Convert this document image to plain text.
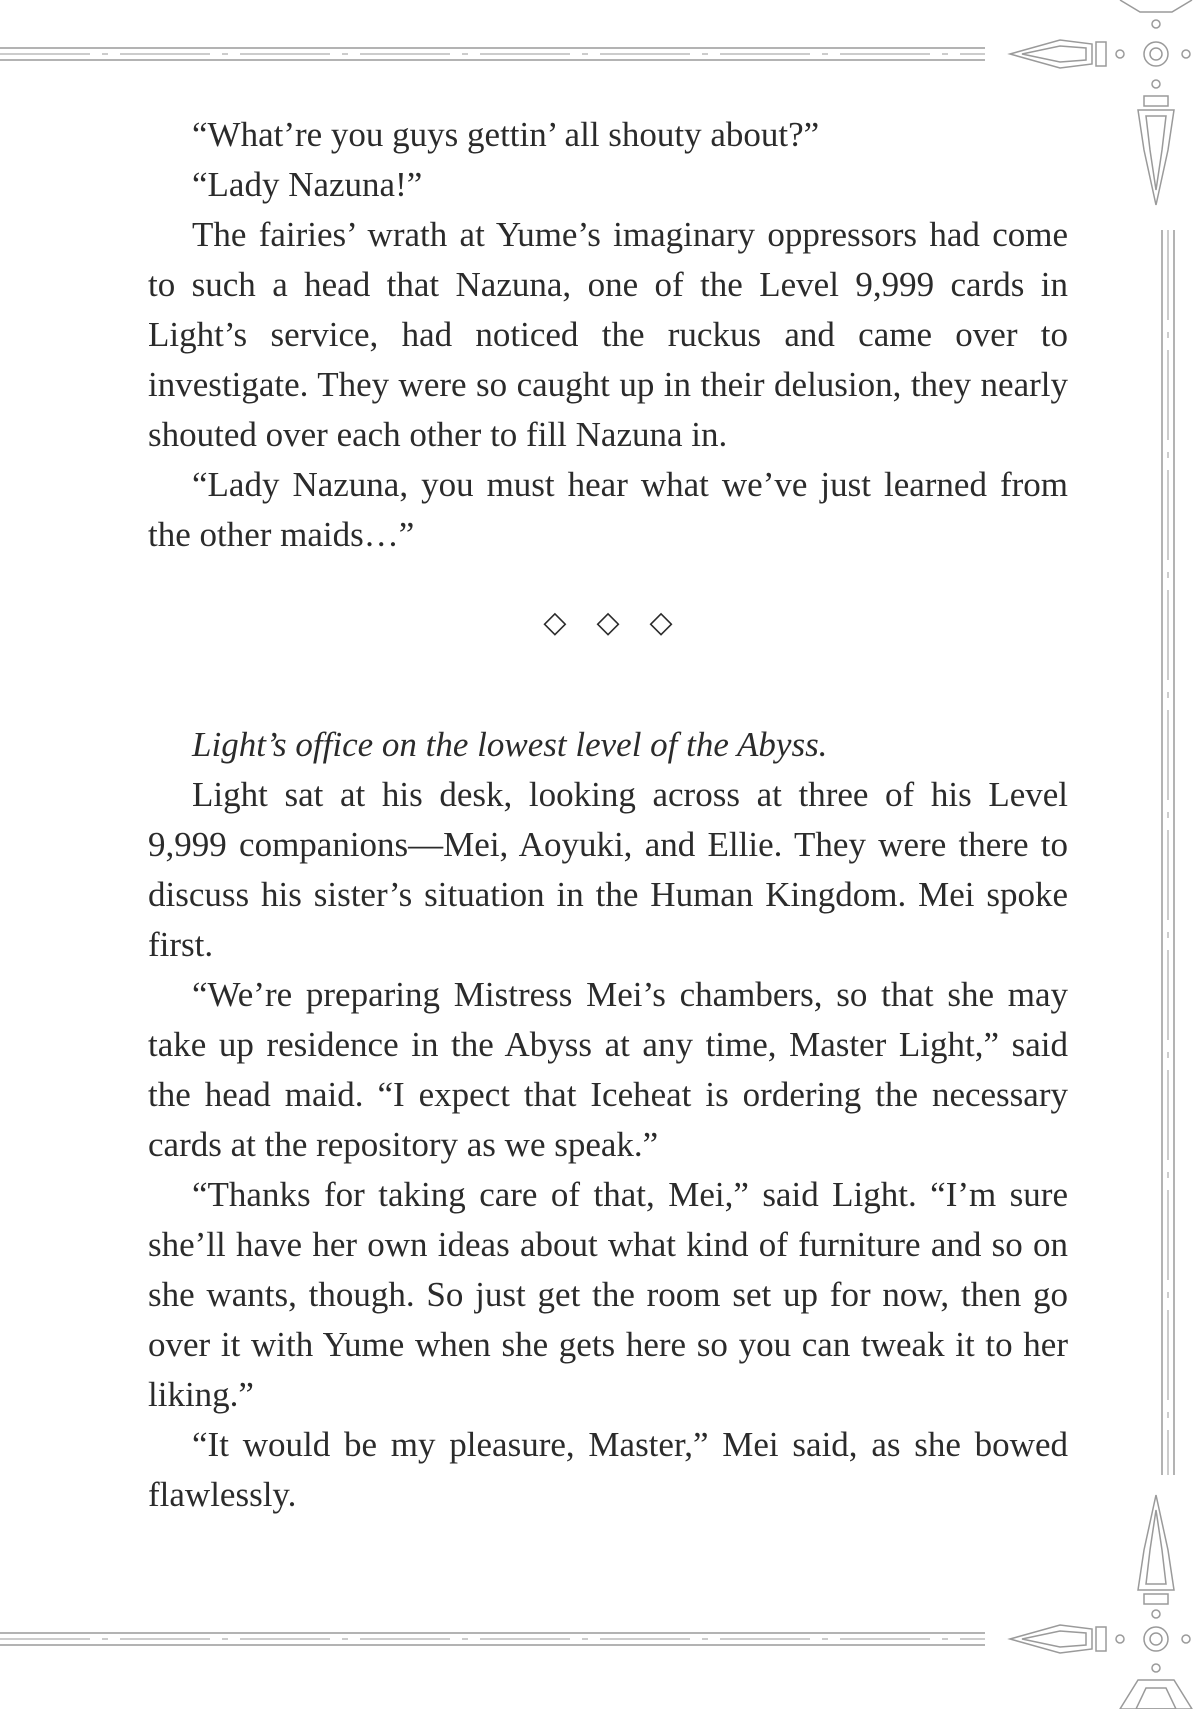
“What’re you guys gettin’ all shouty about?”

“Lady Nazuna!”

The fairies’ wrath at Yume’s imaginary oppressors had come to such a head that Nazuna, one of the Level 9,999 cards in Light’s service, had noticed the ruckus and came over to investigate. They were so caught up in their delusion, they nearly shouted over each other to fill Nazuna in.

“Lady Nazuna, you must hear what we’ve just learned from the other maids…”

◇◇◇

Light’s office on the lowest level of the Abyss.

Light sat at his desk, looking across at three of his Level 9,999 companions—Mei, Aoyuki, and Ellie. They were there to discuss his sister’s situation in the Human Kingdom. Mei spoke first.

“We’re preparing Mistress Mei’s chambers, so that she may take up residence in the Abyss at any time, Master Light,” said the head maid. “I expect that Iceheat is ordering the necessary cards at the repository as we speak.”

“Thanks for taking care of that, Mei,” said Light. “I’m sure she’ll have her own ideas about what kind of furniture and so on she wants, though. So just get the room set up for now, then go over it with Yume when she gets here so you can tweak it to her liking.”

“It would be my pleasure, Master,” Mei said, as she bowed flawlessly.
